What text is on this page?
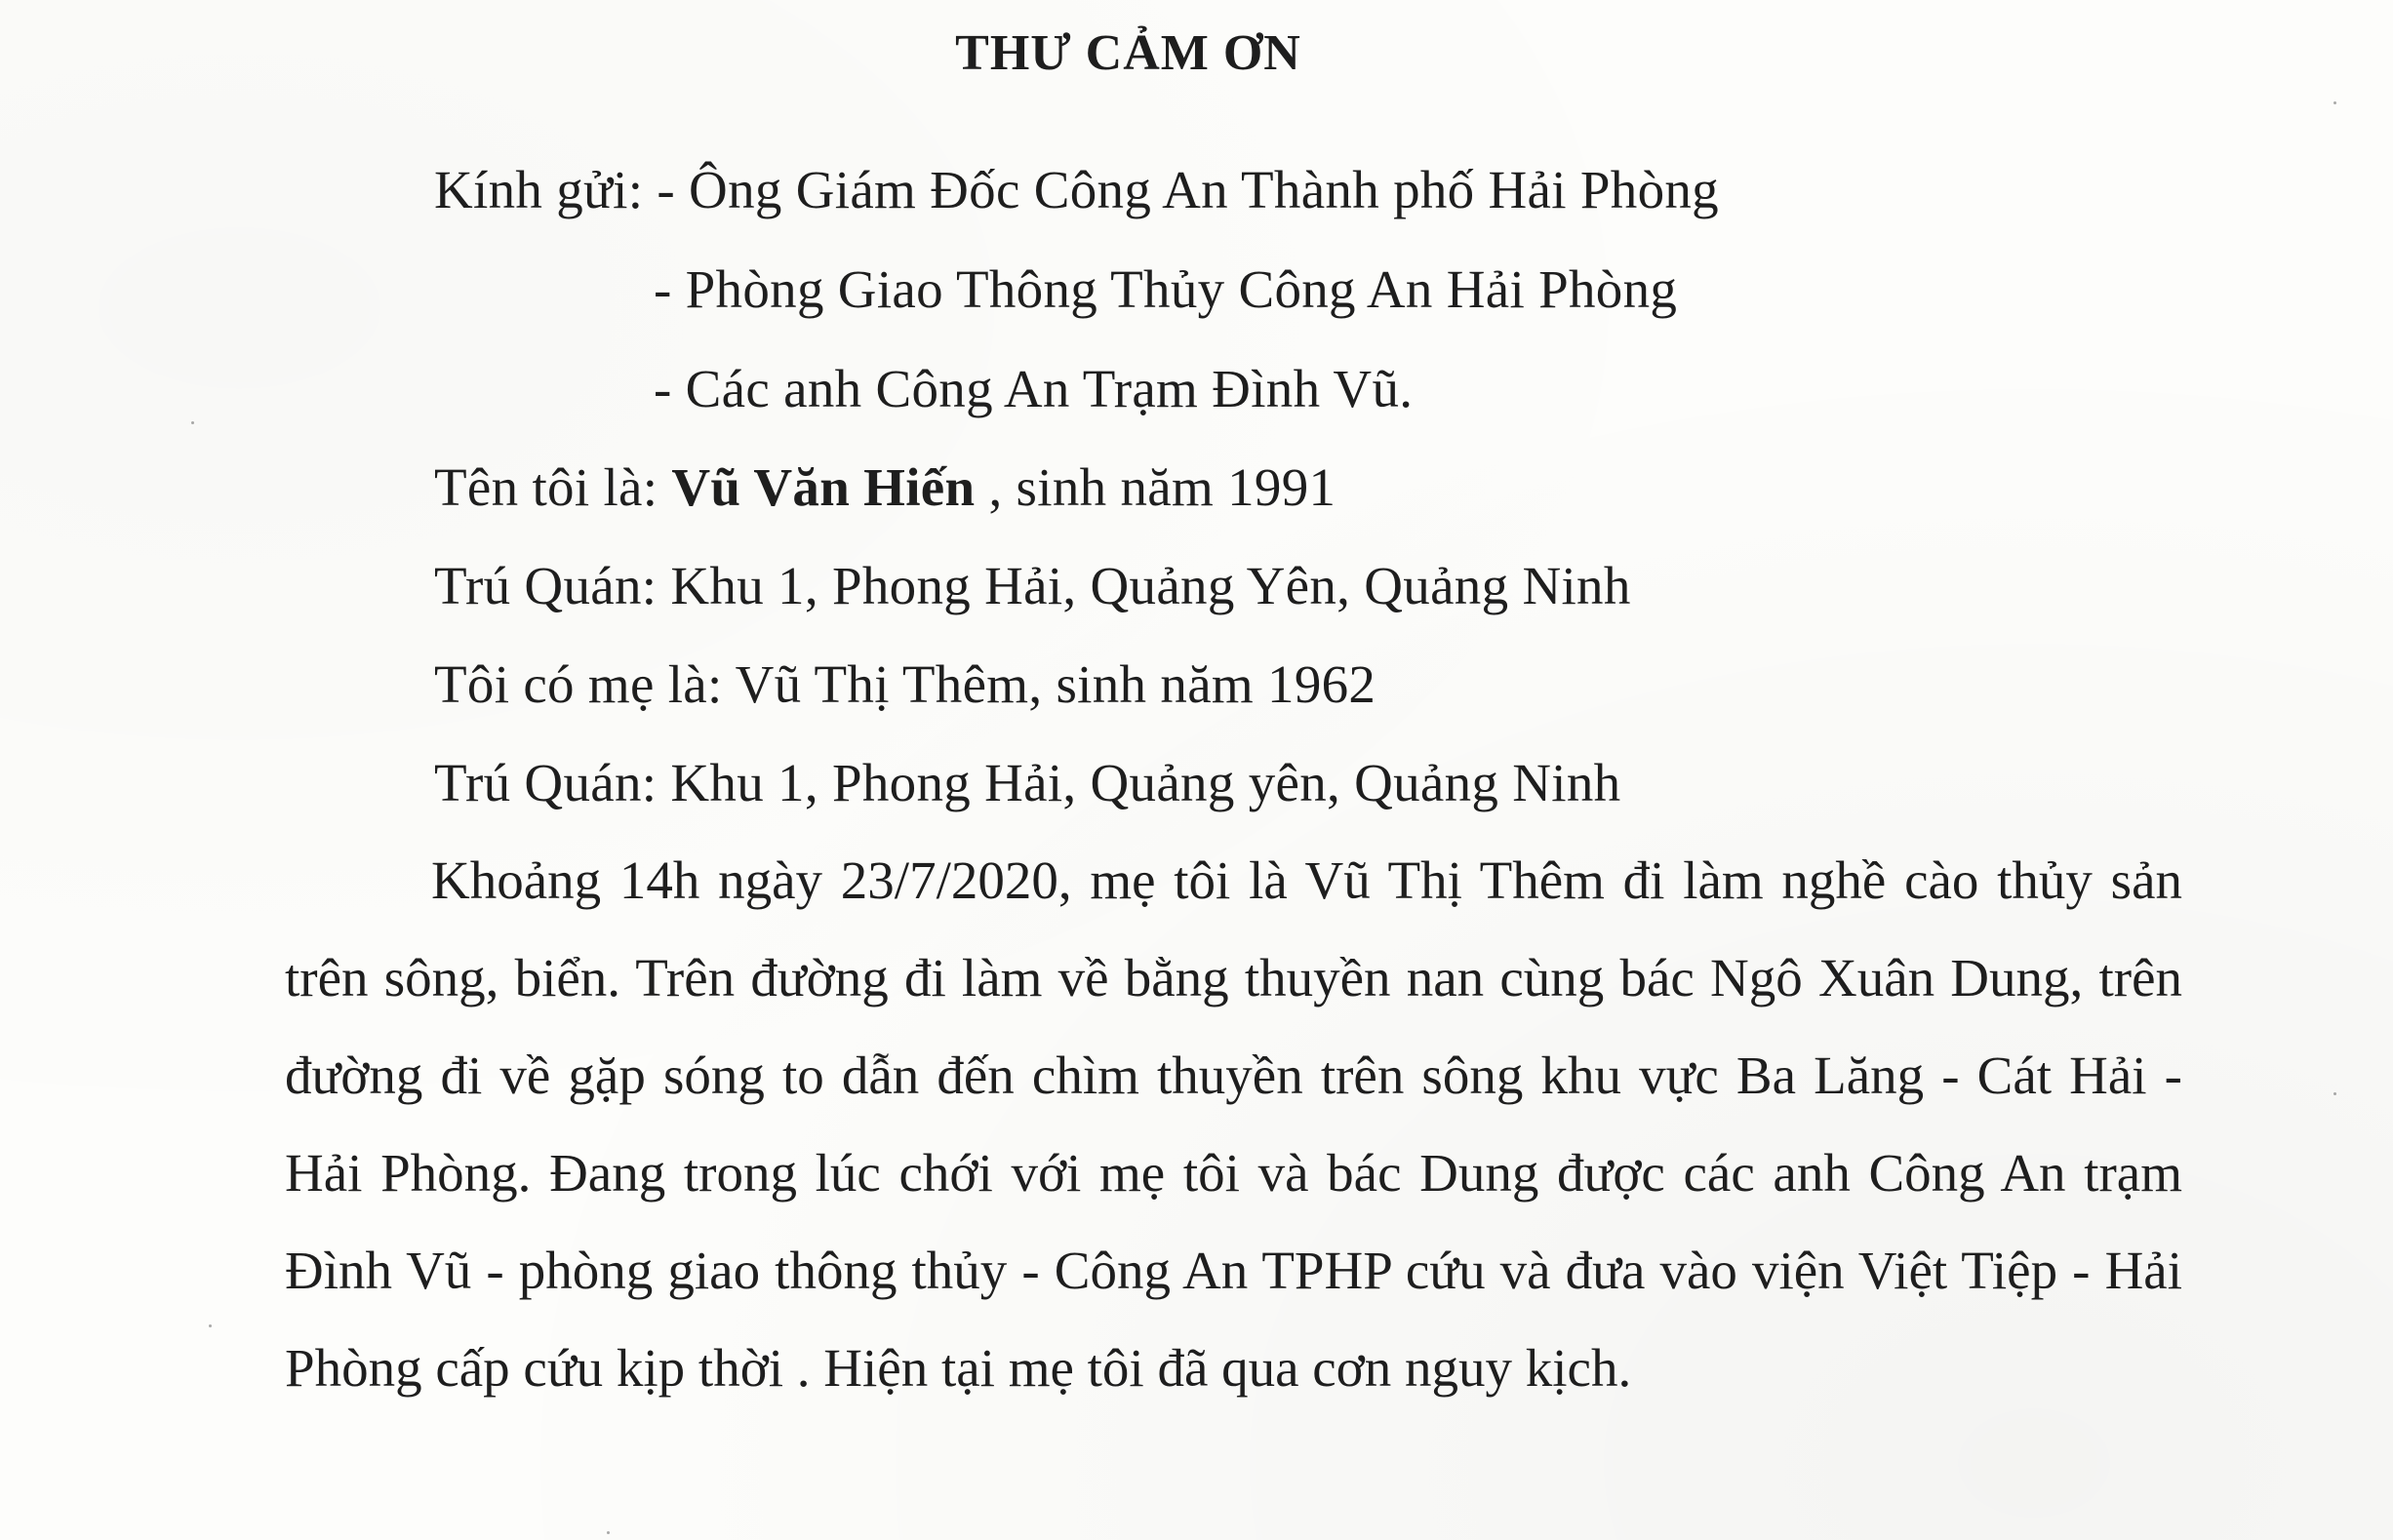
THƯ CẢM ƠN
Kính gửi: - Ông Giám Đốc Công An Thành phố Hải Phòng
- Phòng Giao Thông Thủy Công An Hải Phòng
- Các anh Công An Trạm Đình Vũ.
Tên tôi là: Vũ Văn Hiến , sinh năm 1991
Trú Quán: Khu 1, Phong Hải, Quảng Yên, Quảng Ninh
Tôi có mẹ là: Vũ Thị Thêm, sinh năm 1962
Trú Quán: Khu 1, Phong Hải, Quảng yên, Quảng Ninh
Khoảng 14h ngày 23/7/2020, mẹ tôi là Vũ Thị Thêm đi làm nghề cào thủy sản trên sông, biển. Trên đường đi làm về bằng thuyền nan cùng bác Ngô Xuân Dung, trên đường đi về gặp sóng to dẫn đến chìm thuyền trên sông khu vực Ba Lăng - Cát Hải - Hải Phòng. Đang trong lúc chới với mẹ tôi và bác Dung được các anh Công An trạm Đình Vũ - phòng giao thông thủy - Công An TPHP cứu và đưa vào viện Việt Tiệp - Hải Phòng cấp cứu kịp thời . Hiện tại mẹ tôi đã qua cơn nguy kịch.
